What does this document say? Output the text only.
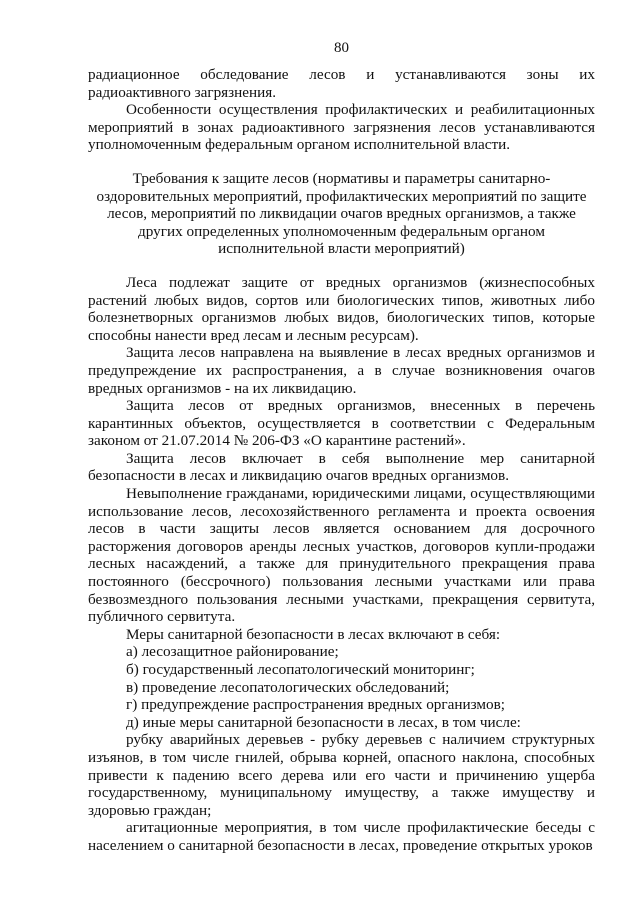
80

радиационное обследование лесов и устанавливаются зоны их радиоактивного загрязнения.

Особенности осуществления профилактических и реабилитационных мероприятий в зонах радиоактивного загрязнения лесов устанавливаются уполномоченным федеральным органом исполнительной власти.

Требования к защите лесов (нормативы и параметры санитарно-оздоровительных мероприятий, профилактических мероприятий по защите лесов, мероприятий по ликвидации очагов вредных организмов, а также других определенных уполномоченным федеральным органом исполнительной власти мероприятий)

Леса подлежат защите от вредных организмов (жизнеспособных растений любых видов, сортов или биологических типов, животных либо болезнетворных организмов любых видов, биологических типов, которые способны нанести вред лесам и лесным ресурсам).

Защита лесов направлена на выявление в лесах вредных организмов и предупреждение их распространения, а в случае возникновения очагов вредных организмов - на их ликвидацию.

Защита лесов от вредных организмов, внесенных в перечень карантинных объектов, осуществляется в соответствии с Федеральным законом от 21.07.2014 № 206-ФЗ «О карантине растений».

Защита лесов включает в себя выполнение мер санитарной безопасности в лесах и ликвидацию очагов вредных организмов.

Невыполнение гражданами, юридическими лицами, осуществляющими использование лесов, лесохозяйственного регламента и проекта освоения лесов в части защиты лесов является основанием для досрочного расторжения договоров аренды лесных участков, договоров купли-продажи лесных насаждений, а также для принудительного прекращения права постоянного (бессрочного) пользования лесными участками или права безвозмездного пользования лесными участками, прекращения сервитута, публичного сервитута.

Меры санитарной безопасности в лесах включают в себя:

а) лесозащитное районирование;

б) государственный лесопатологический мониторинг;

в) проведение лесопатологических обследований;

г) предупреждение распространения вредных организмов;

д) иные меры санитарной безопасности в лесах, в том числе:

рубку аварийных деревьев - рубку деревьев с наличием структурных изъянов, в том числе гнилей, обрыва корней, опасного наклона, способных привести к падению всего дерева или его части и причинению ущерба государственному, муниципальному имуществу, а также имуществу и здоровью граждан;

агитационные мероприятия, в том числе профилактические беседы с населением о санитарной безопасности в лесах, проведение открытых уроков
